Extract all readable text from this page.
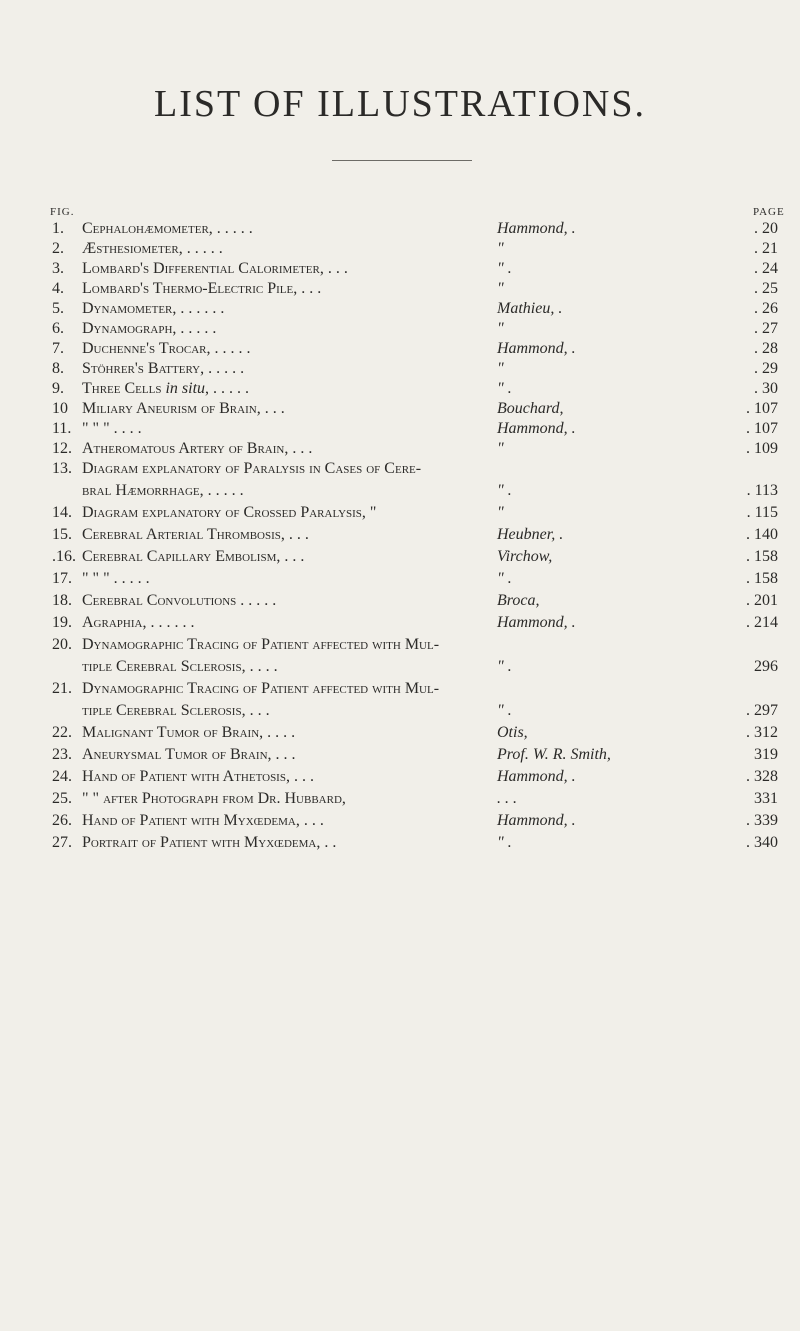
LIST OF ILLUSTRATIONS.
FIG.	PAGE
1. Cephalohæmometer, . . . . .	Hammond, .	. 20
2. Æsthesiometer, . . . . .	"	. 21
3. Lombard's Differential Calorimeter, . . .	" .	. 24
4. Lombard's Thermo-Electric Pile, . . .	"	. 25
5. Dynamometer, . . . . . .	Mathieu, .	. 26
6. Dynamograph, . . . . .	"	. 27
7. Duchenne's Trocar, . . . . .	Hammond, .	. 28
8. Stöhrer's Battery, . . . . .	"	. 29
9. Three Cells in situ, . . . . .	" .	. 30
10 Miliary Aneurism of Brain, . . .	Bouchard,	. 107
11. " " " . . . .	Hammond, .	. 107
12. Atheromatous Artery of Brain, . . .	"	. 109
13. Diagram explanatory of Paralysis in Cases of Cere-
bral Hæmorrhage, . . . . .	" .	. 113
14. Diagram explanatory of Crossed Paralysis, "	"	. 115
15. Cerebral Arterial Thrombosis, . . .	Heubner, .	. 140
.16. Cerebral Capillary Embolism, . . .	Virchow,	. 158
17. " " " . . . . .	" .	. 158
18. Cerebral Convolutions . . . . .	Broca,	. 201
19. Agraphia, . . . . . .	Hammond, .	. 214
20. Dynamographic Tracing of Patient affected with Mul-
tiple Cerebral Sclerosis, . . . .	" .	296
21. Dynamographic Tracing of Patient affected with Mul-
tiple Cerebral Sclerosis, . . .	" .	. 297
22. Malignant Tumor of Brain, . . . .	Otis,	. 312
23. Aneurysmal Tumor of Brain, . . .	Prof. W. R. Smith,	319
24. Hand of Patient with Athetosis, . . .	Hammond, .	. 328
25. " " after Photograph from Dr. Hubbard,	. . .	331
26. Hand of Patient with Myxœdema, . . .	Hammond, .	. 339
27. Portrait of Patient with Myxœdema, . .	" .	. 340
